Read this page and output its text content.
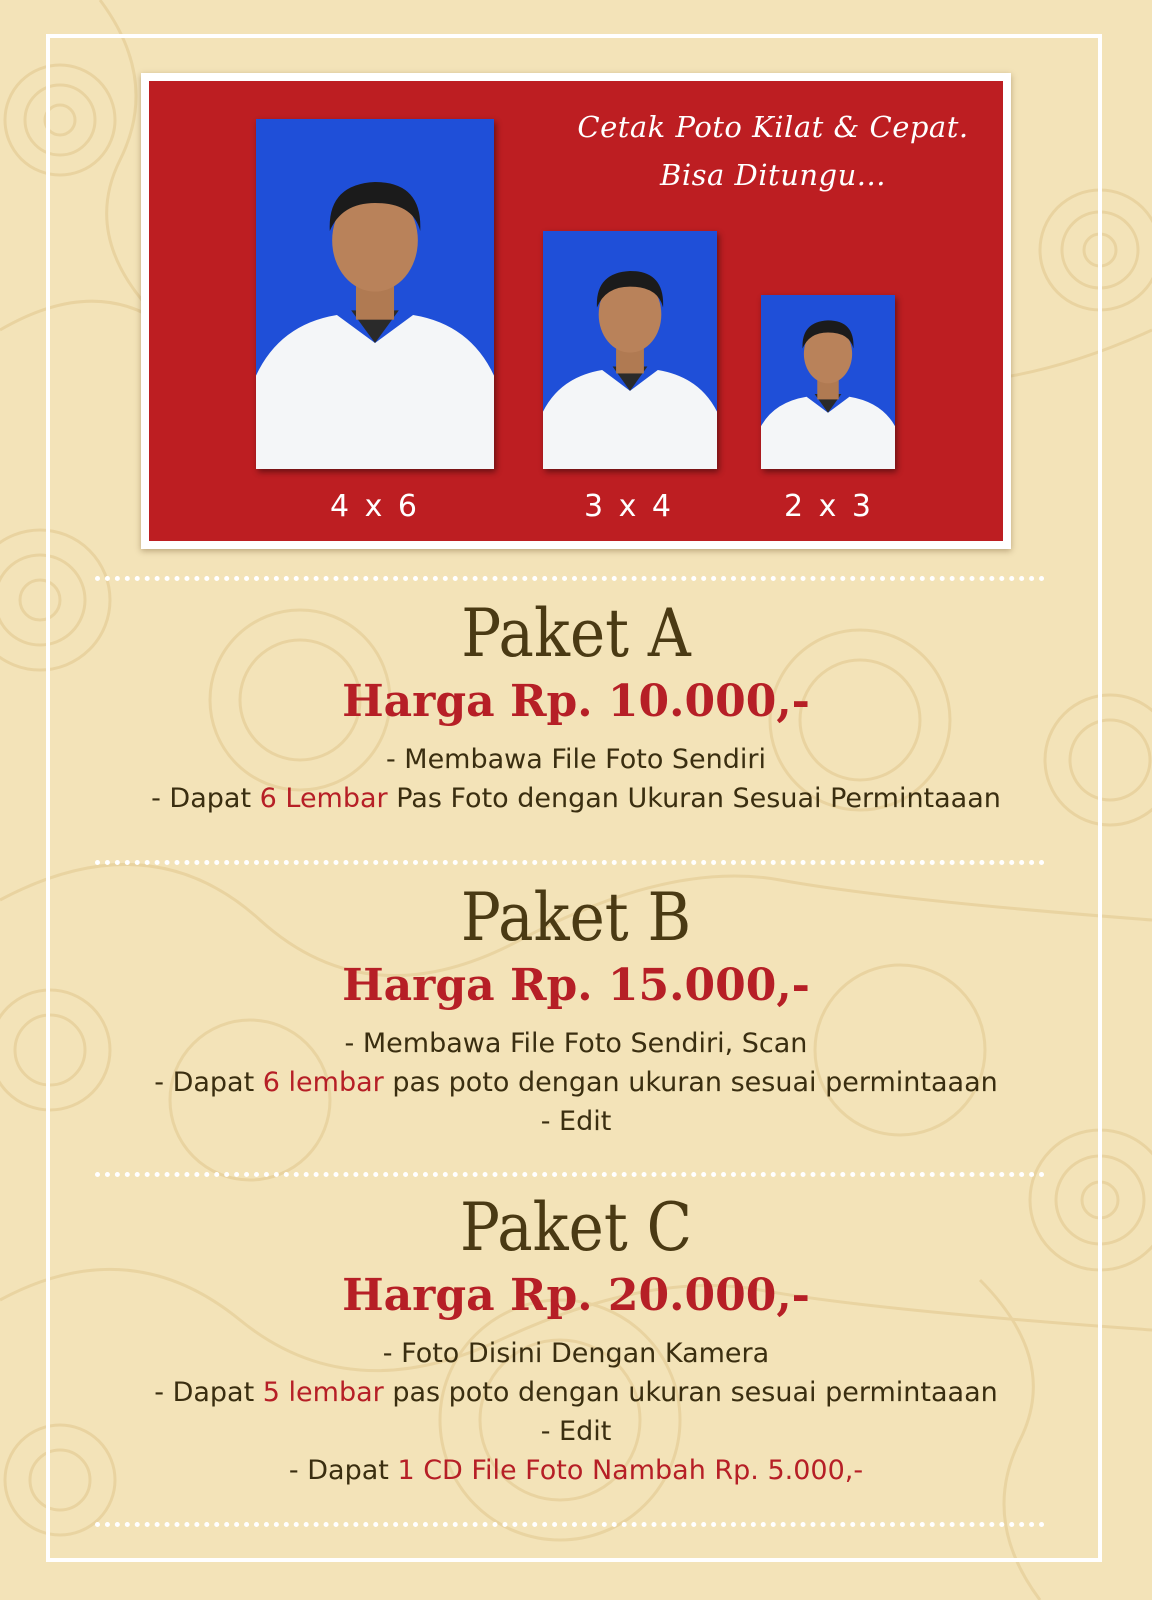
Cetak Poto Kilat & Cepat.
Bisa Ditungu...
4 x 6	3 x 4	2 x 3
Paket A
Harga Rp. 10.000,-
- Membawa File Foto Sendiri
- Dapat 6 Lembar Pas Foto dengan Ukuran Sesuai Permintaaan
Paket B
Harga Rp. 15.000,-
- Membawa File Foto Sendiri, Scan
- Dapat 6 lembar pas poto dengan ukuran sesuai permintaaan
- Edit
Paket C
Harga Rp. 20.000,-
- Foto Disini Dengan Kamera
- Dapat 5 lembar pas poto dengan ukuran sesuai permintaaan
- Edit
- Dapat 1 CD File Foto Nambah Rp. 5.000,-
